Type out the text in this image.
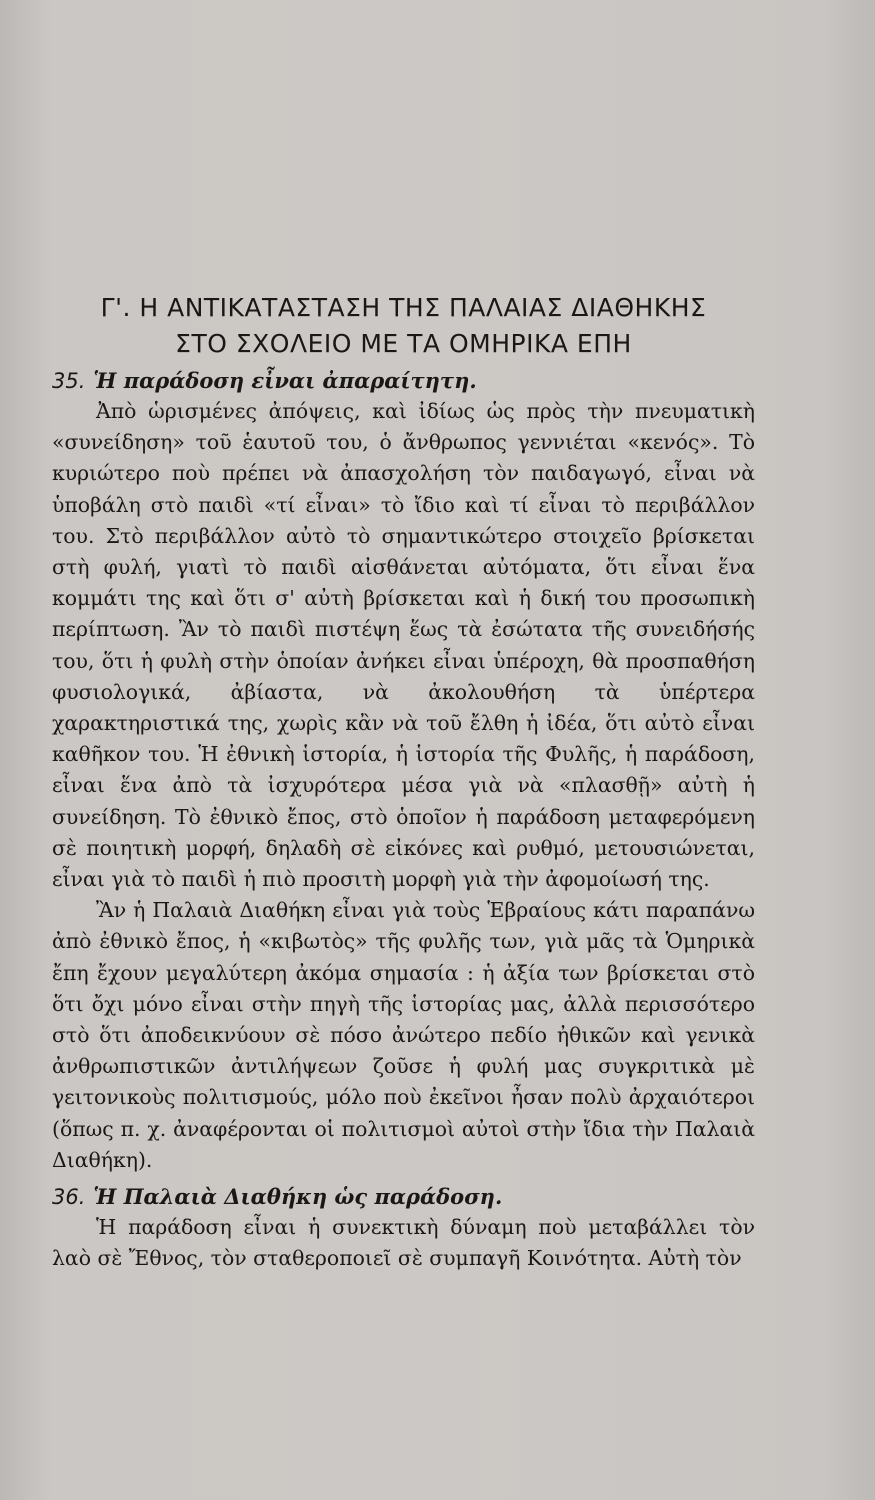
Γ'. Η ΑΝΤΙΚΑΤΑΣΤΑΣΗ ΤΗΣ ΠΑΛΑΙΑΣ ΔΙΑΘΗΚΗΣ
ΣΤΟ ΣΧΟΛΕΙΟ ΜΕ ΤΑ ΟΜΗΡΙΚΑ ΕΠΗ
35. Ἡ παράδοση εἶναι ἀπαραίτητη.

Ἀπὸ ὡρισμένες ἀπόψεις, καὶ ἰδίως ὡς πρὸς τὴν πνευματικὴ «συνείδηση» τοῦ ἑαυτοῦ του, ὁ ἄνθρωπος γεννιέται «κενός». Τὸ κυριώτερο ποὺ πρέπει νὰ ἀπασχολήση τὸν παιδαγωγό, εἶναι νὰ ὑποβάλη στὸ παιδὶ «τί εἶναι» τὸ ἴδιο καὶ τί εἶναι τὸ περιβάλλον του. Στὸ περιβάλλον αὐτὸ τὸ σημαντικώτερο στοιχεῖο βρίσκεται στὴ φυλή, γιατὶ τὸ παιδὶ αἰσθάνεται αὐτόματα, ὅτι εἶναι ἕνα κομμάτι της καὶ ὅτι σ' αὐτὴ βρίσκεται καὶ ἡ δική του προσωπικὴ περίπτωση. Ἂν τὸ παιδὶ πιστέψη ἕως τὰ ἐσώτατα τῆς συνειδήσής του, ὅτι ἡ φυλὴ στὴν ὁποίαν ἀνήκει εἶναι ὑπέροχη, θὰ προσπαθήση φυσιολογικά, ἀβίαστα, νὰ ἀκολουθήση τὰ ὑπέρτερα χαρακτηριστικά της, χωρὶς κἂν νὰ τοῦ ἔλθη ἡ ἰδέα, ὅτι αὐτὸ εἶναι καθῆκον του. Ἡ ἐθνικὴ ἱστορία, ἡ ἱστορία τῆς Φυλῆς, ἡ παράδοση, εἶναι ἕνα ἀπὸ τὰ ἰσχυρότερα μέσα γιὰ νὰ «πλασθῇ» αὐτὴ ἡ συνείδηση. Τὸ ἐθνικὸ ἔπος, στὸ ὁποῖον ἡ παράδοση μεταφερόμενη σὲ ποιητικὴ μορφή, δηλαδὴ σὲ εἰκόνες καὶ ρυθμό, μετουσιώνεται, εἶναι γιὰ τὸ παιδὶ ἡ πιὸ προσιτὴ μορφὴ γιὰ τὴν ἀφομοίωσή της.

Ἂν ἡ Παλαιὰ Διαθήκη εἶναι γιὰ τοὺς Ἑβραίους κάτι παραπάνω ἀπὸ ἐθνικὸ ἔπος, ἡ «κιβωτὸς» τῆς φυλῆς των, γιὰ μᾶς τὰ Ὁμηρικὰ ἔπη ἔχουν μεγαλύτερη ἀκόμα σημασία : ἡ ἀξία των βρίσκεται στὸ ὅτι ὄχι μόνο εἶναι στὴν πηγὴ τῆς ἱστορίας μας, ἀλλὰ περισσότερο στὸ ὅτι ἀποδεικνύουν σὲ πόσο ἀνώτερο πεδίο ἠθικῶν καὶ γενικὰ ἀνθρωπιστικῶν ἀντιλήψεων ζοῦσε ἡ φυλή μας συγκριτικὰ μὲ γειτονικοὺς πολιτισμούς, μόλο ποὺ ἐκεῖνοι ἦσαν πολὺ ἀρχαιότεροι (ὅπως π. χ. ἀναφέρονται οἱ πολιτισμοὶ αὐτοὶ στὴν ἴδια τὴν Παλαιὰ Διαθήκη).

36. Ἡ Παλαιὰ Διαθήκη ὡς παράδοση.

Ἡ παράδοση εἶναι ἡ συνεκτικὴ δύναμη ποὺ μεταβάλλει τὸν λαὸ σὲ Ἔθνος, τὸν σταθεροποιεῖ σὲ συμπαγῆ Κοινότητα. Αὐτὴ τὸν
